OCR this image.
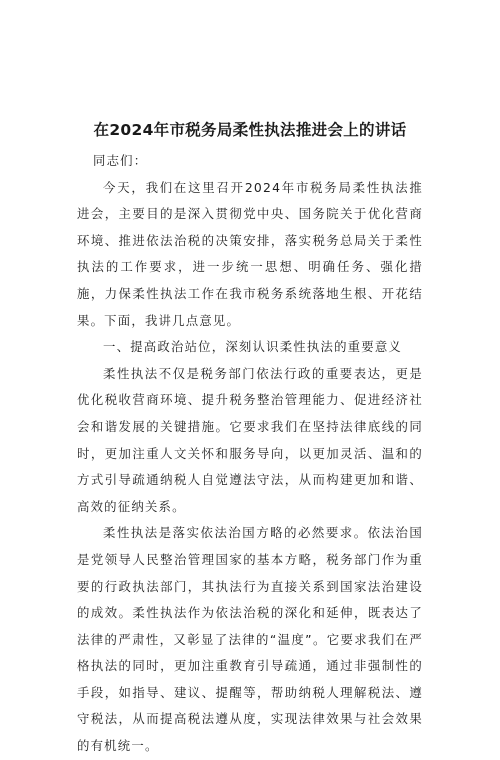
在2024年市税务局柔性执法推进会上的讲话

同志们：

今天，我们在这里召开2024年市税务局柔性执法推进会，主要目的是深入贯彻党中央、国务院关于优化营商环境、推进依法治税的决策安排，落实税务总局关于柔性执法的工作要求，进一步统一思想、明确任务、强化措施，力保柔性执法工作在我市税务系统落地生根、开花结果。下面，我讲几点意见。

一、提高政治站位，深刻认识柔性执法的重要意义

柔性执法不仅是税务部门依法行政的重要表达，更是优化税收营商环境、提升税务整治管理能力、促进经济社会和谐发展的关键措施。它要求我们在坚持法律底线的同时，更加注重人文关怀和服务导向，以更加灵活、温和的方式引导疏通纳税人自觉遵法守法，从而构建更加和谐、高效的征纳关系。

柔性执法是落实依法治国方略的必然要求。依法治国是党领导人民整治管理国家的基本方略，税务部门作为重要的行政执法部门，其执法行为直接关系到国家法治建设的成效。柔性执法作为依法治税的深化和延伸，既表达了法律的严肃性，又彰显了法律的“温度”。它要求我们在严格执法的同时，更加注重教育引导疏通，通过非强制性的手段，如指导、建议、提醒等，帮助纳税人理解税法、遵守税法，从而提高税法遵从度，实现法律效果与社会效果的有机统一。
